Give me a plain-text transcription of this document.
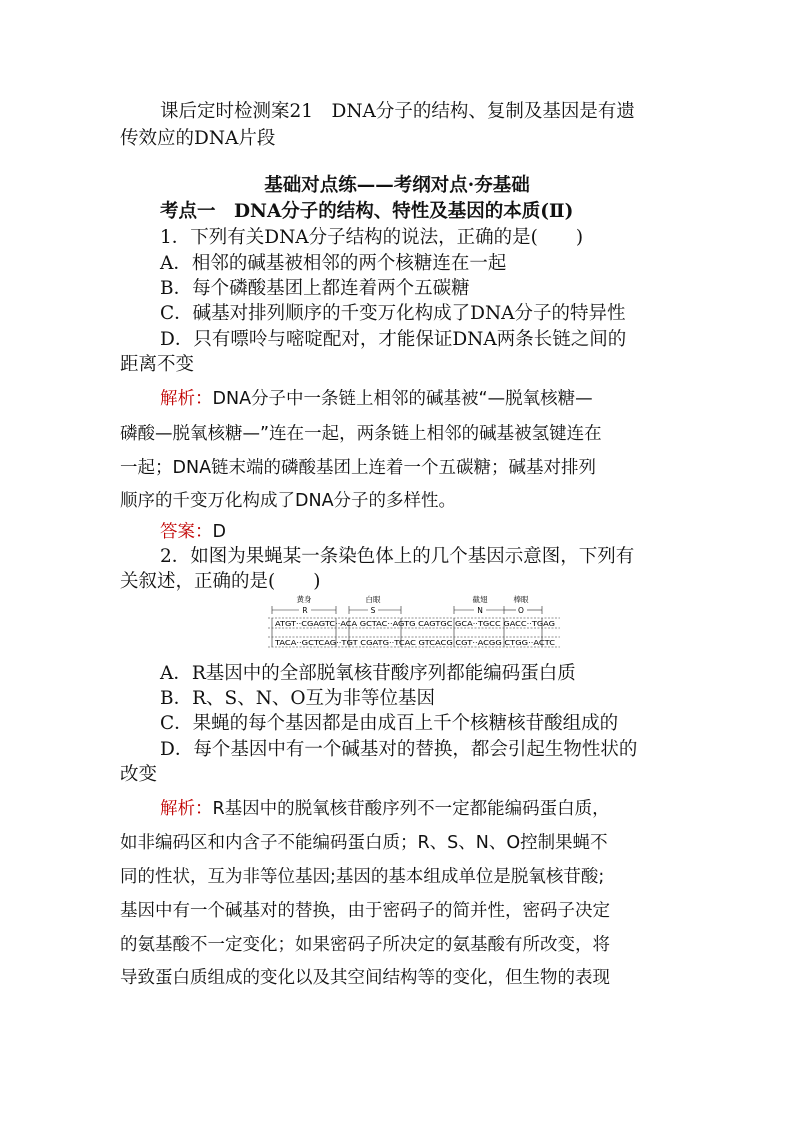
课后定时检测案21　DNA分子的结构、复制及基因是有遗
传效应的DNA片段
基础对点练——考纲对点·夯基础
考点一　DNA分子的结构、特性及基因的本质(Ⅱ)
1．下列有关DNA分子结构的说法，正确的是( )
A．相邻的碱基被相邻的两个核糖连在一起
B．每个磷酸基团上都连着两个五碳糖
C．碱基对排列顺序的千变万化构成了DNA分子的特异性
D．只有嘌呤与嘧啶配对，才能保证DNA两条长链之间的
距离不变
解析：DNA分子中一条链上相邻的碱基被“—脱氧核糖—
磷酸—脱氧核糖—”连在一起，两条链上相邻的碱基被氢键连在
一起；DNA链末端的磷酸基团上连着一个五碳糖；碱基对排列
顺序的千变万化构成了DNA分子的多样性。
答案：D
2．如图为果蝇某一条染色体上的几个基因示意图，下列有
关叙述，正确的是( )
黄身	白眼	截翅	棒眼
R	S	N	O
ATGT··CGAGTC··ACA GCTAC··AGTG CAGTGC GCA··TGCC GACC··TGAG
TACA··GCTCAG··TGT CGATG··TCAC GTCACG CGT··ACGG CTGG··ACTC
A．R基因中的全部脱氧核苷酸序列都能编码蛋白质
B．R、S、N、O互为非等位基因
C．果蝇的每个基因都是由成百上千个核糖核苷酸组成的
D．每个基因中有一个碱基对的替换，都会引起生物性状的
改变
解析：R基因中的脱氧核苷酸序列不一定都能编码蛋白质，
如非编码区和内含子不能编码蛋白质；R、S、N、O控制果蝇不
同的性状，互为非等位基因;基因的基本组成单位是脱氧核苷酸;
基因中有一个碱基对的替换，由于密码子的简并性，密码子决定
的氨基酸不一定变化；如果密码子所决定的氨基酸有所改变，将
导致蛋白质组成的变化以及其空间结构等的变化，但生物的表现
